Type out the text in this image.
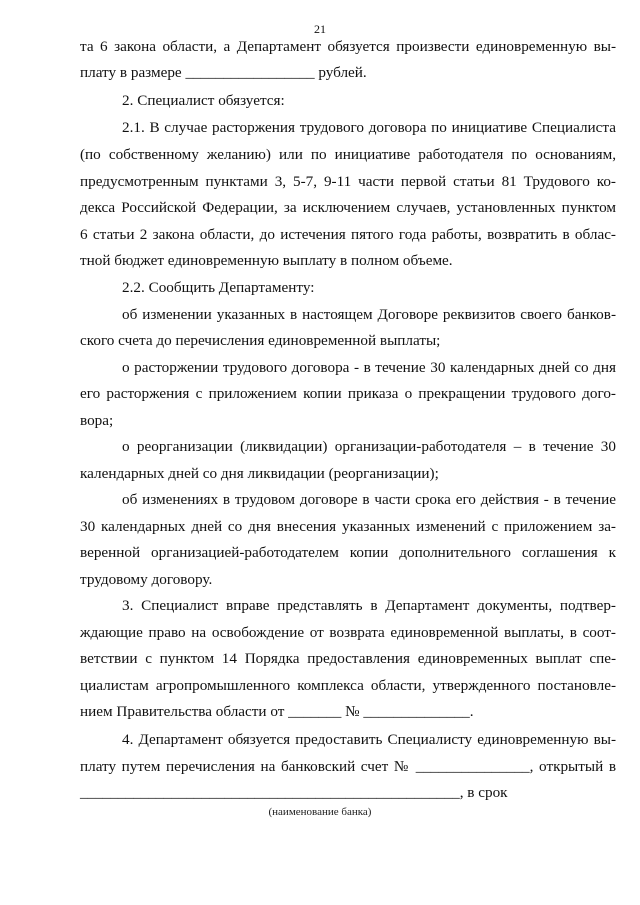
21
та 6 закона области, а Департамент обязуется произвести единовременную вы-
плату в размере _________________ рублей.
2. Специалист обязуется:
2.1. В случае расторжения трудового договора по инициативе Специалиста
(по собственному желанию) или по инициативе работодателя по основаниям,
предусмотренным пунктами 3, 5-7, 9-11 части первой статьи 81 Трудового ко-
декса Российской Федерации, за исключением случаев, установленных пунктом
6 статьи 2 закона области, до истечения пятого года работы, возвратить в облас-
тной бюджет единовременную выплату в полном объеме.
2.2. Сообщить Департаменту:
об изменении указанных в настоящем Договоре реквизитов своего банков-
ского счета до перечисления единовременной выплаты;
о расторжении трудового договора - в течение 30 календарных дней со дня
его расторжения с приложением копии приказа о прекращении трудового дого-
вора;
о реорганизации (ликвидации) организации-работодателя – в течение 30
календарных дней со дня ликвидации (реорганизации);
об изменениях в трудовом договоре в части срока его действия - в течение
30 календарных дней со дня внесения указанных изменений с приложением за-
веренной организацией-работодателем копии дополнительного соглашения к
трудовому договору.
3. Специалист вправе представлять в Департамент документы, подтвер-
ждающие право на освобождение от возврата единовременной выплаты, в соот-
ветствии с пунктом 14 Порядка предоставления единовременных выплат спе-
циалистам агропромышленного комплекса области, утвержденного постановле-
нием Правительства области от _______ № ______________.
4. Департамент обязуется предоставить Специалисту единовременную вы-
плату путем перечисления на банковский счет № _______________, открытый в
__________________________________________________, в срок
(наименование банка)
